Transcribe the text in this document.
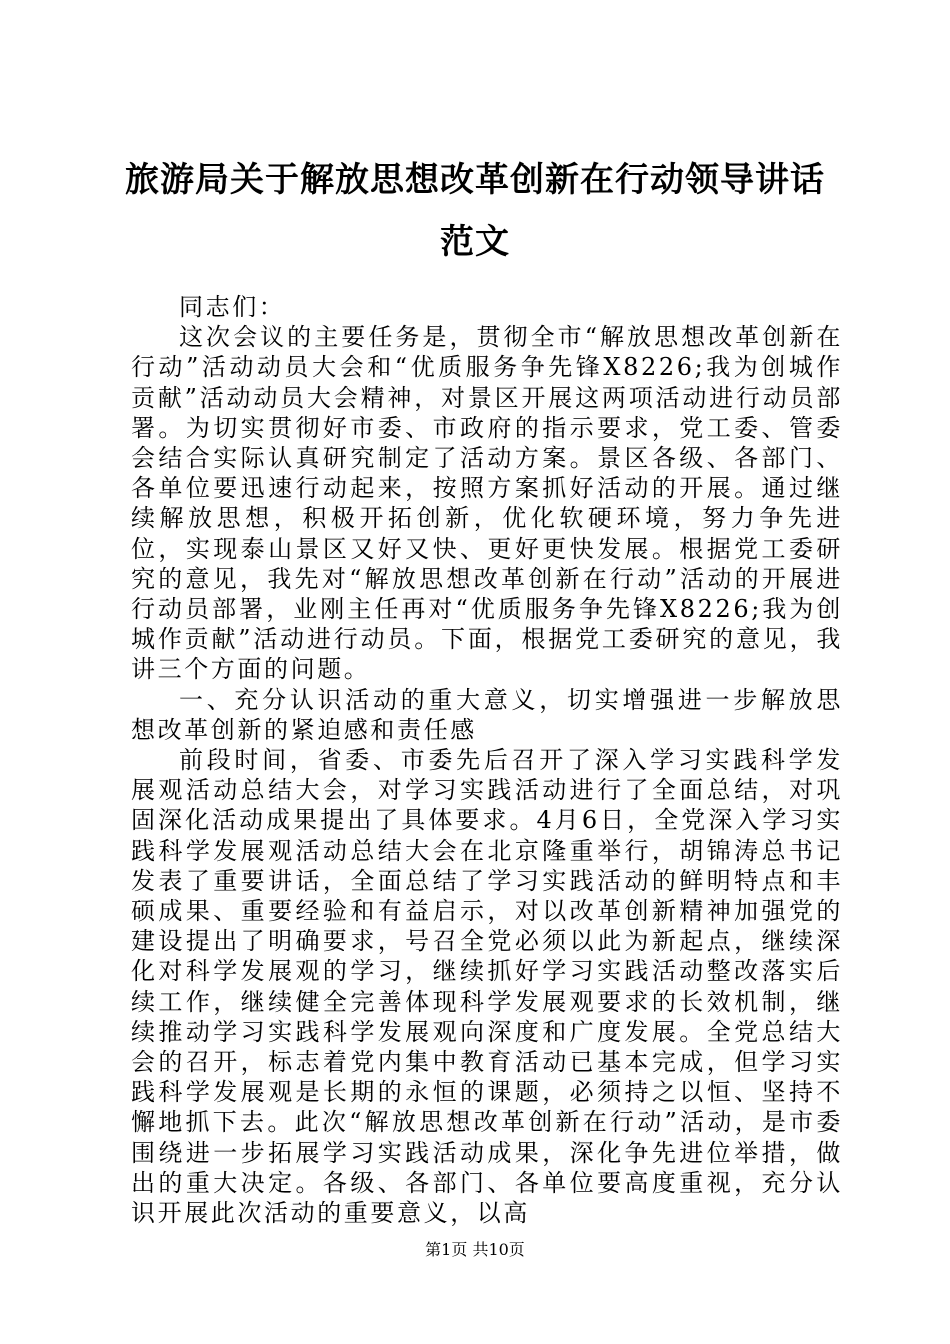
旅游局关于解放思想改革创新在行动领导讲话
范文

同志们：

这次会议的主要任务是，贯彻全市“解放思想改革创新在行动”活动动员大会和“优质服务争先锋X8226;我为创城作贡献”活动动员大会精神，对景区开展这两项活动进行动员部署。为切实贯彻好市委、市政府的指示要求，党工委、管委会结合实际认真研究制定了活动方案。景区各级、各部门、各单位要迅速行动起来，按照方案抓好活动的开展。通过继续解放思想，积极开拓创新，优化软硬环境，努力争先进位，实现泰山景区又好又快、更好更快发展。根据党工委研究的意见，我先对“解放思想改革创新在行动”活动的开展进行动员部署，业刚主任再对“优质服务争先锋X8226;我为创城作贡献”活动进行动员。下面，根据党工委研究的意见，我讲三个方面的问题。

一、充分认识活动的重大意义，切实增强进一步解放思想改革创新的紧迫感和责任感

前段时间，省委、市委先后召开了深入学习实践科学发展观活动总结大会，对学习实践活动进行了全面总结，对巩固深化活动成果提出了具体要求。4月6日，全党深入学习实践科学发展观活动总结大会在北京隆重举行，胡锦涛总书记发表了重要讲话，全面总结了学习实践活动的鲜明特点和丰硕成果、重要经验和有益启示，对以改革创新精神加强党的建设提出了明确要求，号召全党必须以此为新起点，继续深化对科学发展观的学习，继续抓好学习实践活动整改落实后续工作，继续健全完善体现科学发展观要求的长效机制，继续推动学习实践科学发展观向深度和广度发展。全党总结大会的召开，标志着党内集中教育活动已基本完成，但学习实践科学发展观是长期的永恒的课题，必须持之以恒、坚持不懈地抓下去。此次“解放思想改革创新在行动”活动，是市委围绕进一步拓展学习实践活动成果，深化争先进位举措，做出的重大决定。各级、各部门、各单位要高度重视，充分认识开展此次活动的重要意义，以高

第1页 共10页
